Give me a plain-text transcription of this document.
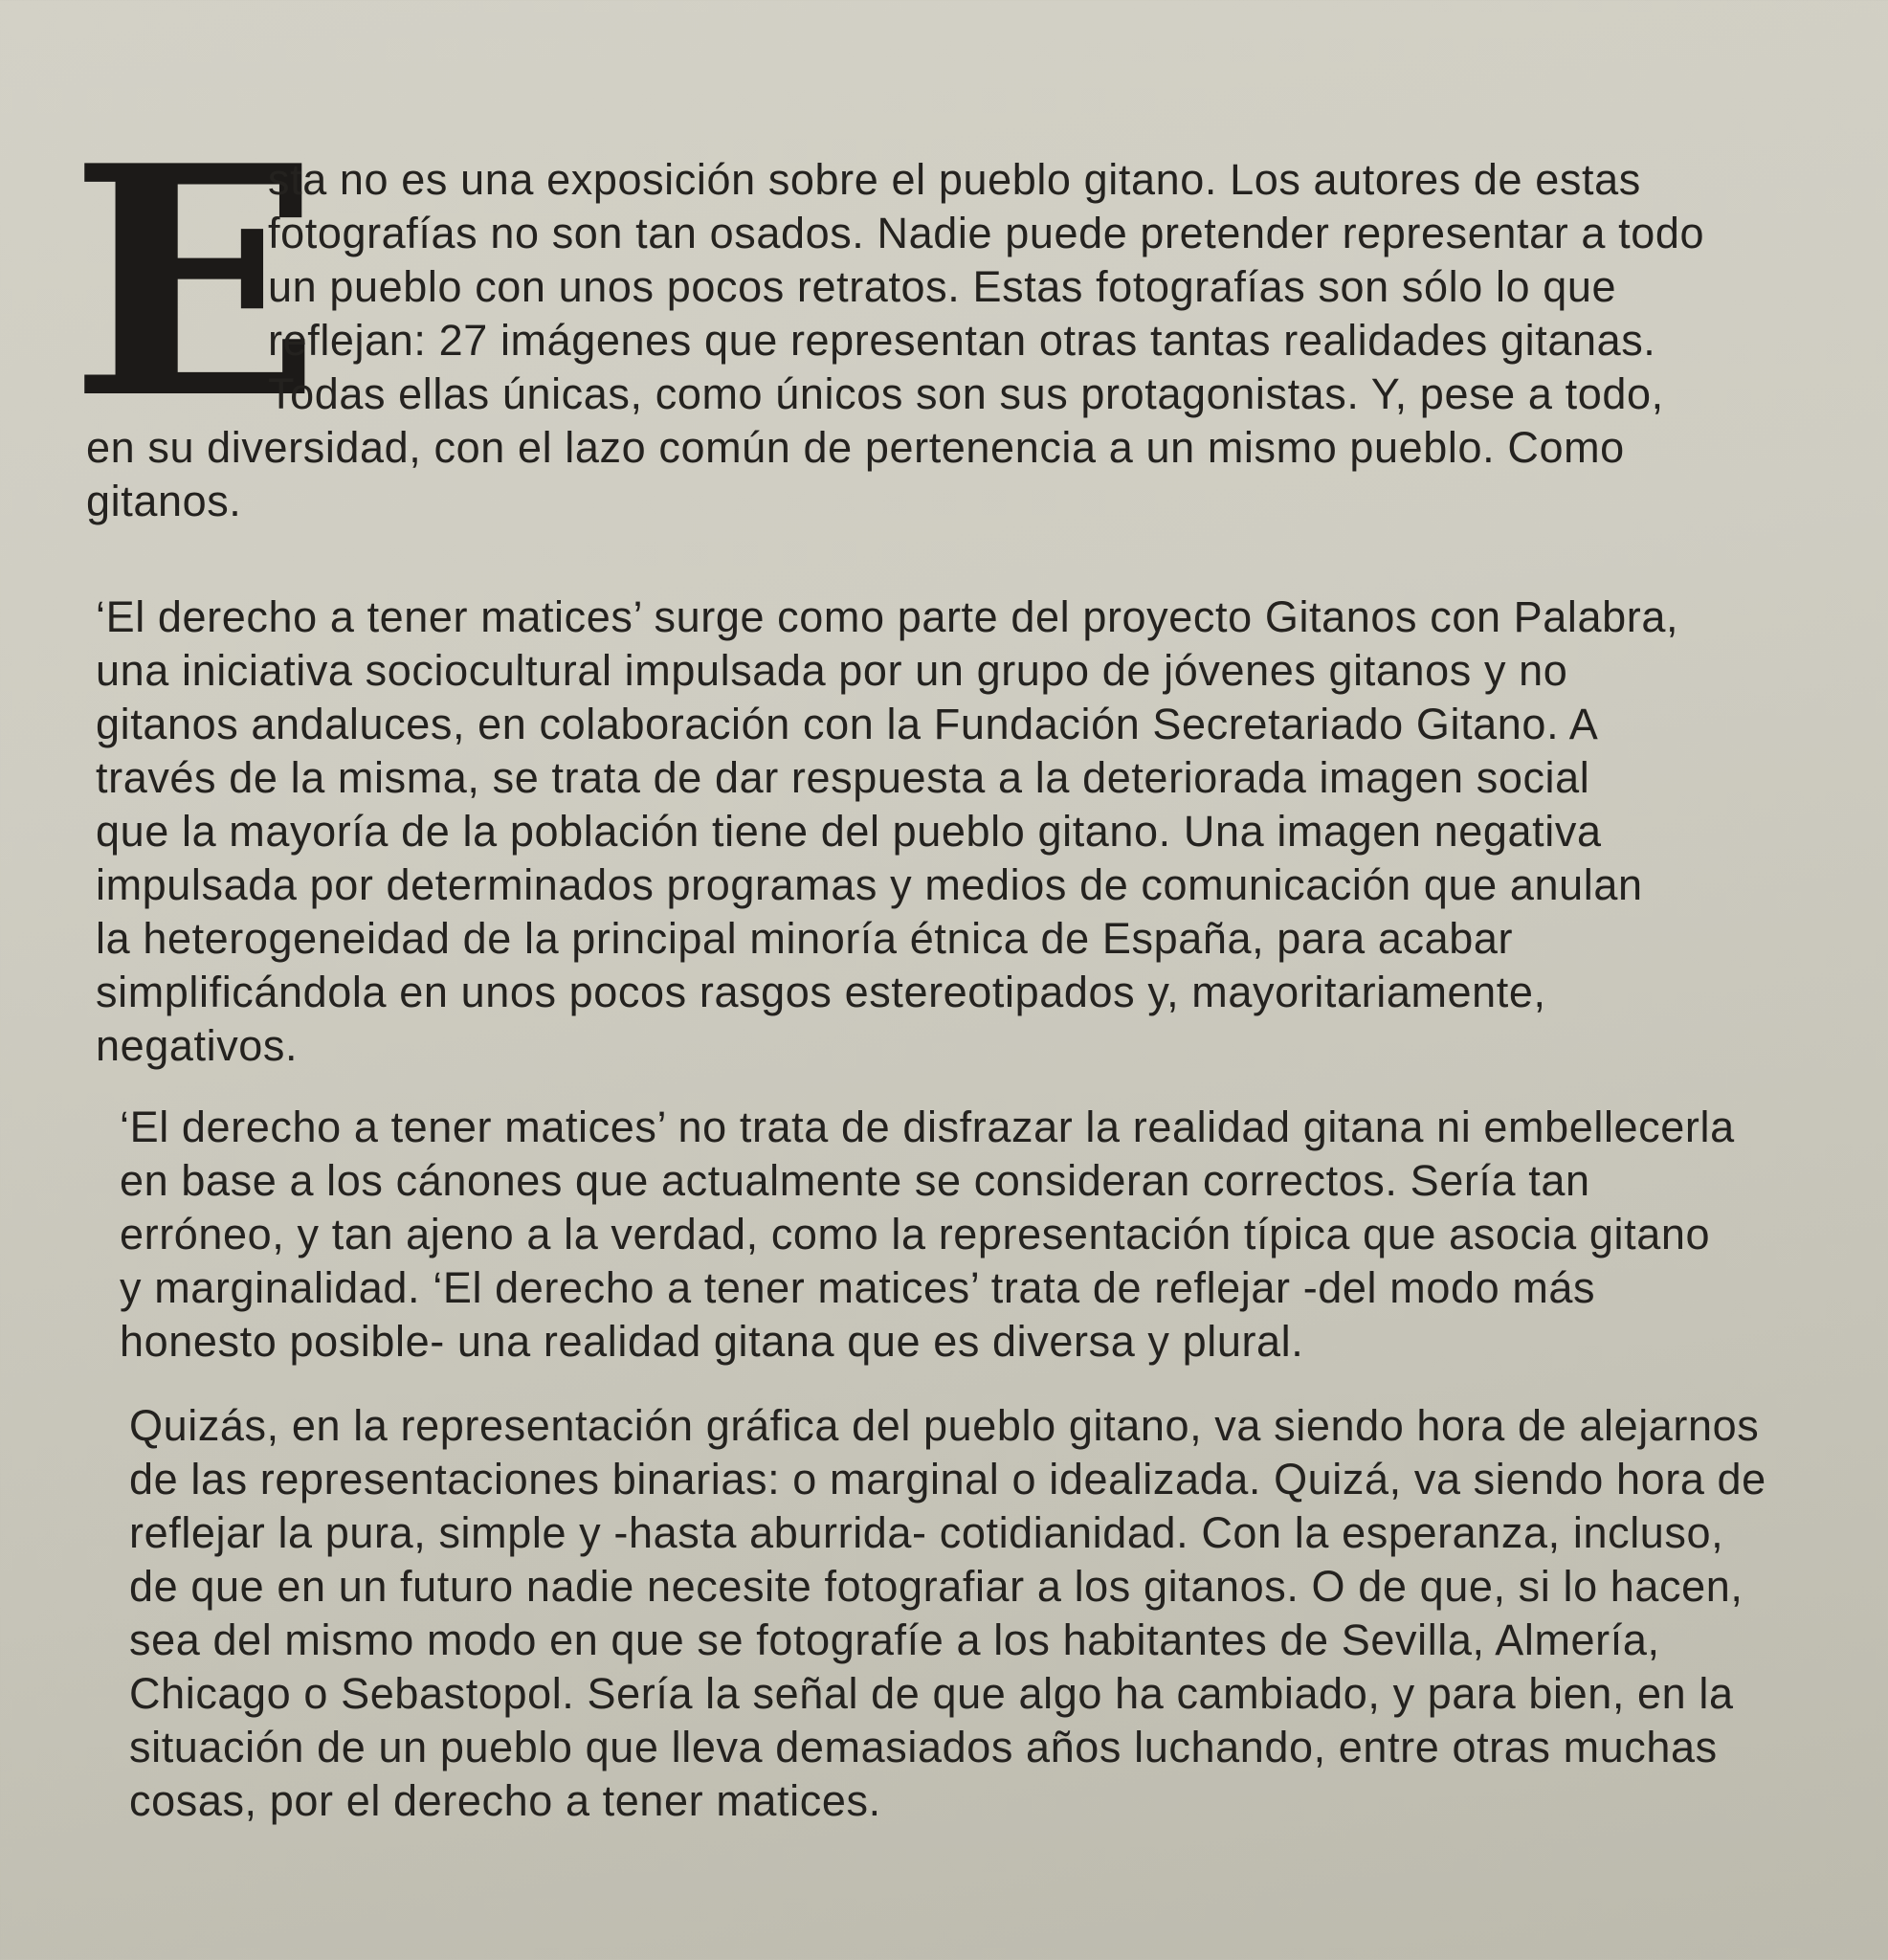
E
sta no es una exposición sobre el pueblo gitano. Los autores de estas
fotografías no son tan osados. Nadie puede pretender representar a todo
un pueblo con unos pocos retratos. Estas fotografías son sólo lo que
reflejan: 27 imágenes que representan otras tantas realidades gitanas.
Todas ellas únicas, como únicos son sus protagonistas. Y, pese a todo,
en su diversidad, con el lazo común de pertenencia a un mismo pueblo. Como
gitanos.
‘El derecho a tener matices’ surge como parte del proyecto Gitanos con Palabra,
una iniciativa sociocultural impulsada por un grupo de jóvenes gitanos y no
gitanos andaluces, en colaboración con la Fundación Secretariado Gitano. A
través de la misma, se trata de dar respuesta a la deteriorada imagen social
que la mayoría de la población tiene del pueblo gitano. Una imagen negativa
impulsada por determinados programas y medios de comunicación que anulan
la heterogeneidad de la principal minoría étnica de España, para acabar
simplificándola en unos pocos rasgos estereotipados y, mayoritariamente,
negativos.
‘El derecho a tener matices’ no trata de disfrazar la realidad gitana ni embellecerla
en base a los cánones que actualmente se consideran correctos. Sería tan
erróneo, y tan ajeno a la verdad, como la representación típica que asocia gitano
y marginalidad. ‘El derecho a tener matices’ trata de reflejar -del modo más
honesto posible- una realidad gitana que es diversa y plural.
Quizás, en la representación gráfica del pueblo gitano, va siendo hora de alejarnos
de las representaciones binarias: o marginal o idealizada. Quizá, va siendo hora de
reflejar la pura, simple y -hasta aburrida- cotidianidad. Con la esperanza, incluso,
de que en un futuro nadie necesite fotografiar a los gitanos. O de que, si lo hacen,
sea del mismo modo en que se fotografíe a los habitantes de Sevilla, Almería,
Chicago o Sebastopol. Sería la señal de que algo ha cambiado, y para bien, en la
situación de un pueblo que lleva demasiados años luchando, entre otras muchas
cosas, por el derecho a tener matices.
